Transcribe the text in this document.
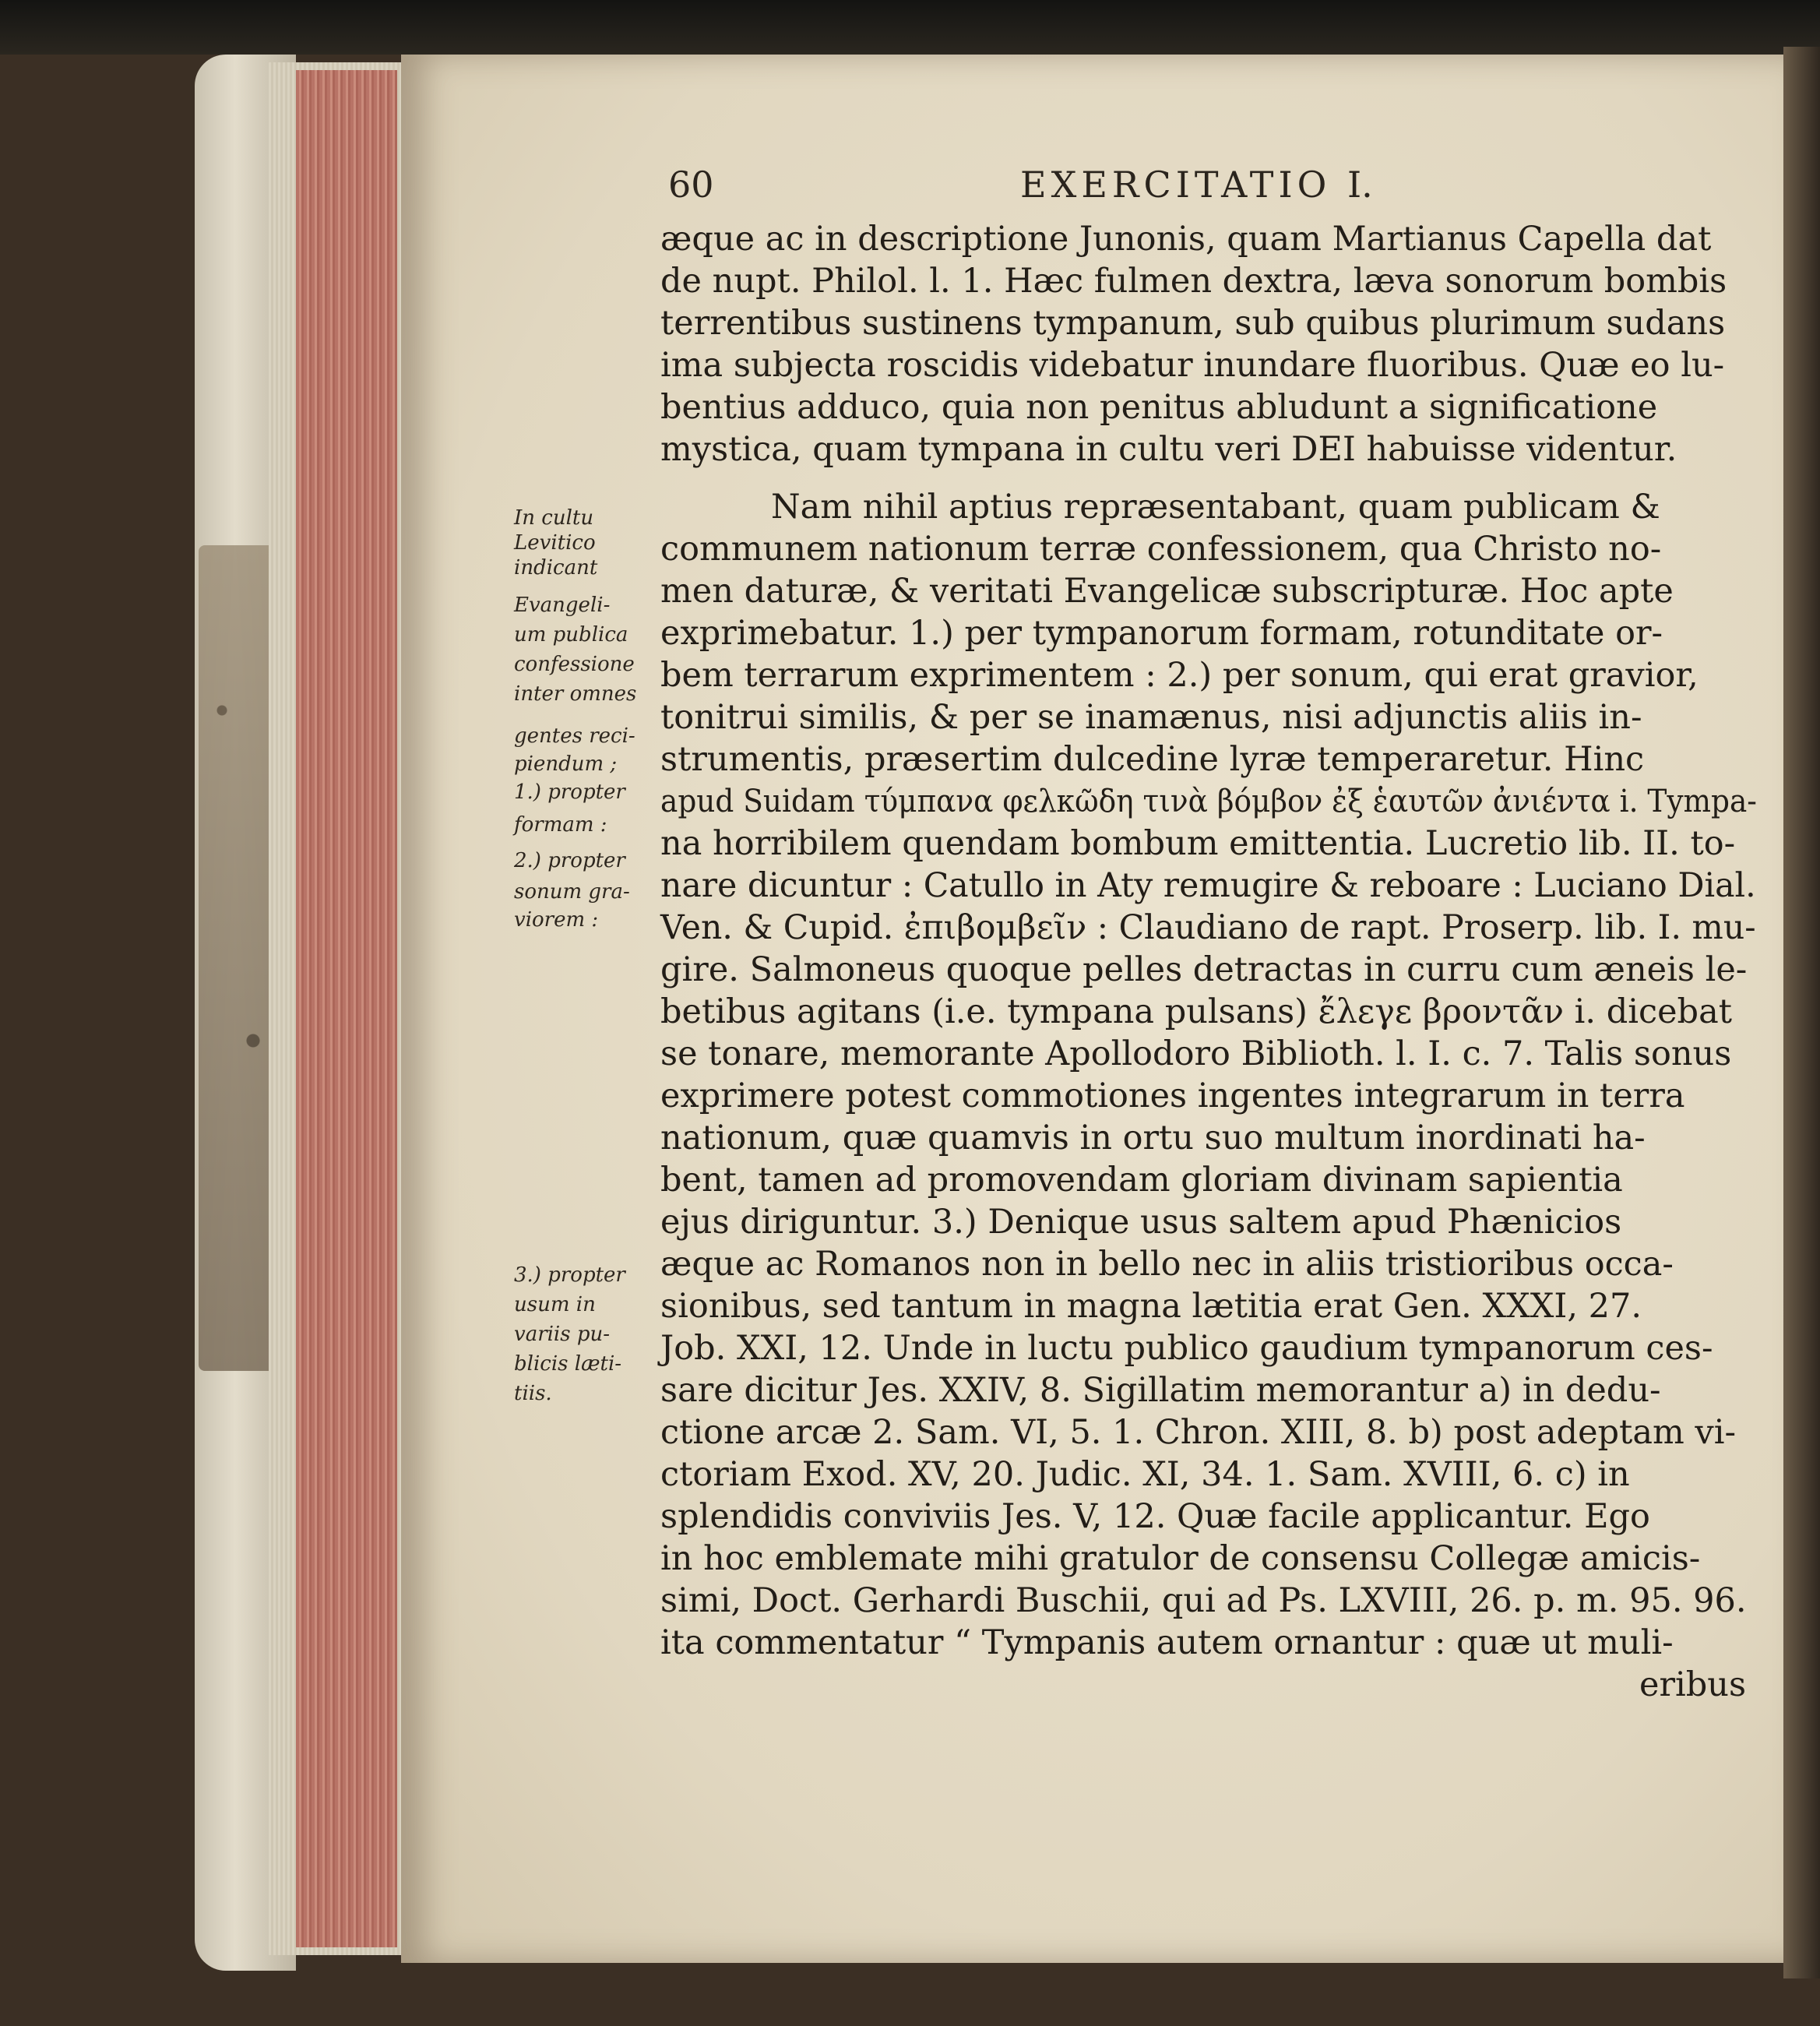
60	EXERCITATIO I.
In cultu
Levitico
indicant
Evangeli-
um publica
confessione
inter omnes
gentes reci-
piendum ;
1.) propter
formam :
2.) propter
sonum gra-
viorem :
3.) propter
usum in
variis pu-
blicis læti-
tiis.
æque ac in descriptione Junonis, quam Martianus Capella dat
de nupt. Philol. l. 1. Hæc fulmen dextra, læva sonorum bombis
terrentibus sustinens tympanum, sub quibus plurimum sudans
ima subjecta roscidis videbatur inundare fluoribus. Quæ eo lu-
bentius adduco, quia non penitus abludunt a significatione
mystica, quam tympana in cultu veri DEI habuisse videntur.
Nam nihil aptius repræsentabant, quam publicam &
communem nationum terræ confessionem, qua Christo no-
men daturæ, & veritati Evangelicæ subscripturæ. Hoc apte
exprimebatur. 1.) per tympanorum formam, rotunditate or-
bem terrarum exprimentem : 2.) per sonum, qui erat gravior,
tonitrui similis, & per se inamænus, nisi adjunctis aliis in-
strumentis, præsertim dulcedine lyræ temperaretur. Hinc
apud Suidam τύμπανα φελκῶδη τινὰ βόμβον ἐξ ἑαυτῶν ἀνιέντα i. Tympa-
na horribilem quendam bombum emittentia. Lucretio lib. II. to-
nare dicuntur : Catullo in Aty remugire & reboare : Luciano Dial.
Ven. & Cupid. ἐπιβομβεῖν : Claudiano de rapt. Proserp. lib. I. mu-
gire. Salmoneus quoque pelles detractas in curru cum æneis le-
betibus agitans (i.e. tympana pulsans) ἔλεγε βροντᾶν i. dicebat
se tonare, memorante Apollodoro Biblioth. l. I. c. 7. Talis sonus
exprimere potest commotiones ingentes integrarum in terra
nationum, quæ quamvis in ortu suo multum inordinati ha-
bent, tamen ad promovendam gloriam divinam sapientia
ejus diriguntur. 3.) Denique usus saltem apud Phænicios
æque ac Romanos non in bello nec in aliis tristioribus occa-
sionibus, sed tantum in magna lætitia erat Gen. XXXI, 27.
Job. XXI, 12. Unde in luctu publico gaudium tympanorum ces-
sare dicitur Jes. XXIV, 8. Sigillatim memorantur a) in dedu-
ctione arcæ 2. Sam. VI, 5. 1. Chron. XIII, 8. b) post adeptam vi-
ctoriam Exod. XV, 20. Judic. XI, 34. 1. Sam. XVIII, 6. c) in
splendidis conviviis Jes. V, 12. Quæ facile applicantur. Ego
in hoc emblemate mihi gratulor de consensu Collegæ amicis-
simi, Doct. Gerhardi Buschii, qui ad Ps. LXVIII, 26. p. m. 95. 96.
ita commentatur “ Tympanis autem ornantur : quæ ut muli-
eribus
